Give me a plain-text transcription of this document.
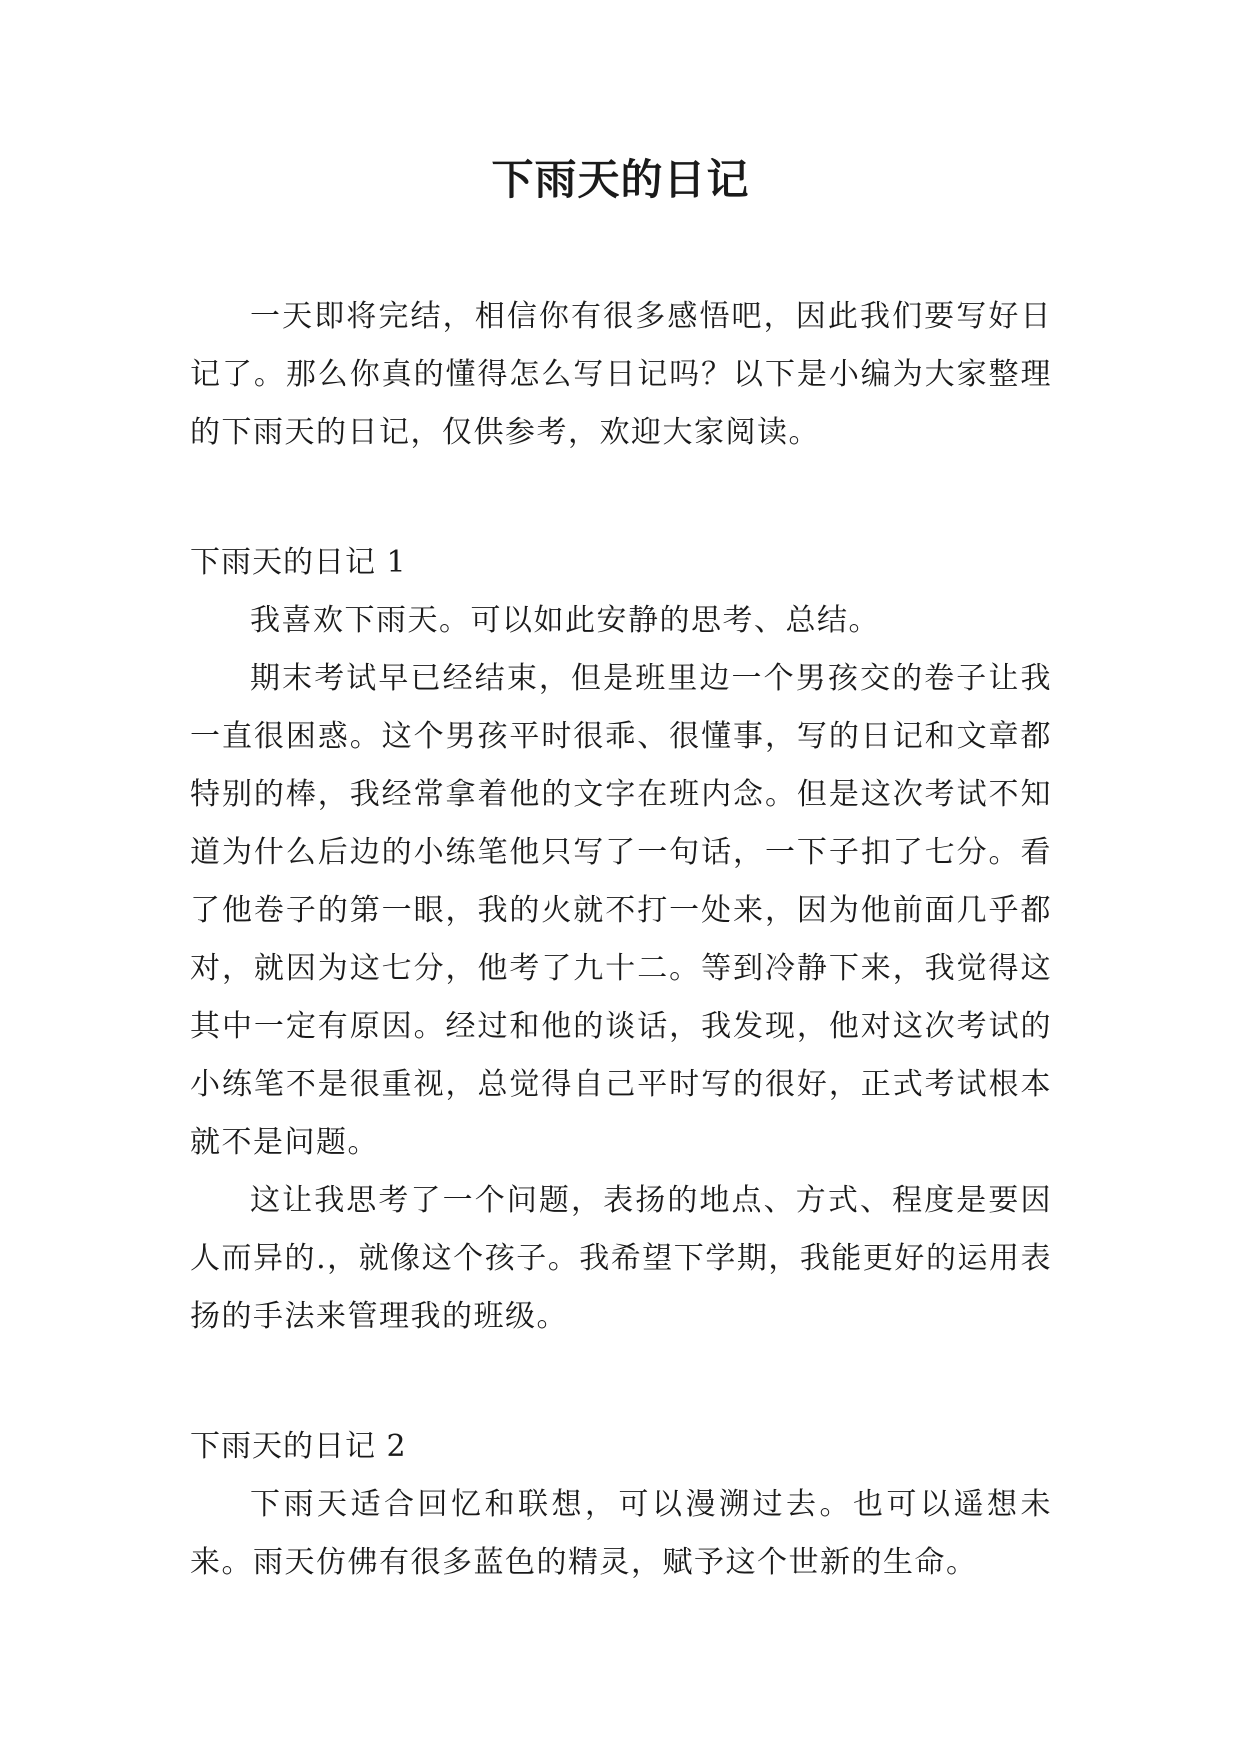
下雨天的日记

一天即将完结，相信你有很多感悟吧，因此我们要写好日记了。那么你真的懂得怎么写日记吗？以下是小编为大家整理的下雨天的日记，仅供参考，欢迎大家阅读。

下雨天的日记 1

我喜欢下雨天。可以如此安静的思考、总结。

期末考试早已经结束，但是班里边一个男孩交的卷子让我一直很困惑。这个男孩平时很乖、很懂事，写的日记和文章都特别的棒，我经常拿着他的文字在班内念。但是这次考试不知道为什么后边的小练笔他只写了一句话，一下子扣了七分。看了他卷子的第一眼，我的火就不打一处来，因为他前面几乎都对，就因为这七分，他考了九十二。等到冷静下来，我觉得这其中一定有原因。经过和他的谈话，我发现，他对这次考试的小练笔不是很重视，总觉得自己平时写的很好，正式考试根本就不是问题。

这让我思考了一个问题，表扬的地点、方式、程度是要因人而异的.，就像这个孩子。我希望下学期，我能更好的运用表扬的手法来管理我的班级。

下雨天的日记 2

下雨天适合回忆和联想，可以漫溯过去。也可以遥想未来。雨天仿佛有很多蓝色的精灵，赋予这个世新的生命。
